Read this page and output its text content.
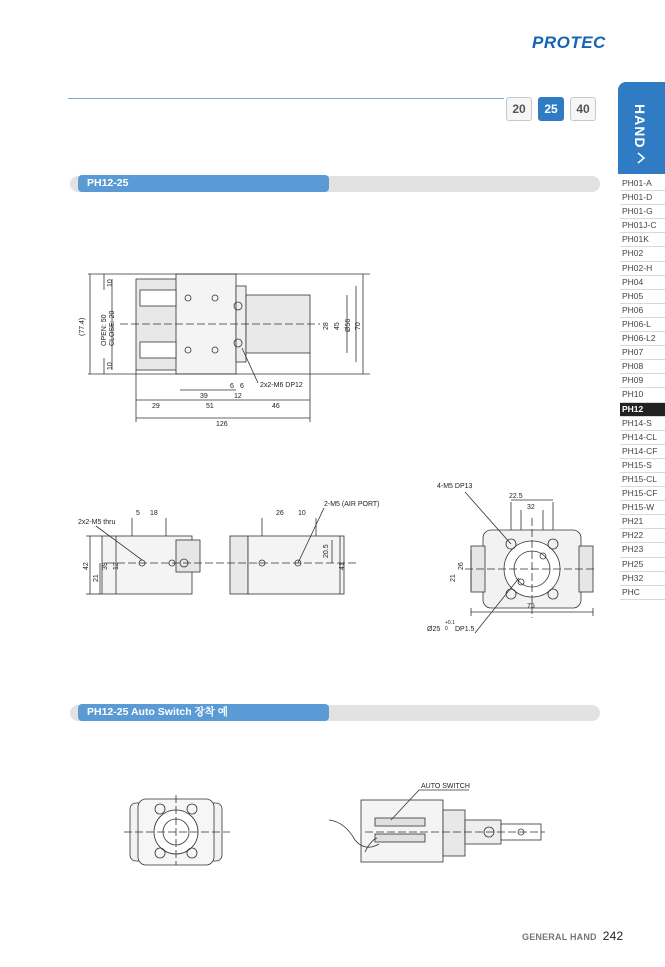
PROTEC
20	25	40	HAND
PH01-A
PH01-D
PH01-G
PH01J-C
PH01K
PH02
PH02-H
PH04
PH05
PH06
PH06-L
PH06-L2
PH07
PH08
PH09
PH10
PH12
PH14-S
PH14-CL
PH14-CF
PH15-S
PH15-CL
PH15-CF
PH15-W
PH21
PH22
PH23
PH25
PH32
PHC
PH12-25
(77.4) OPEN: 50 CLOSE: 20
10
10
28 45 Ø56 70
6 6
12
39
29	51	46
126
2x2-M6 DP12
5 18	26 10
2-M5 (AIR PORT)
2x2-M5 thru
42
21
39 12
20.5
41
4-M5 DP13
22.5
32
26
21
75
Ø25
+0.1
0 DP1.5
PH12-25 Auto Switch 장착 예
AUTO SWITCH
GENERAL HAND 242
